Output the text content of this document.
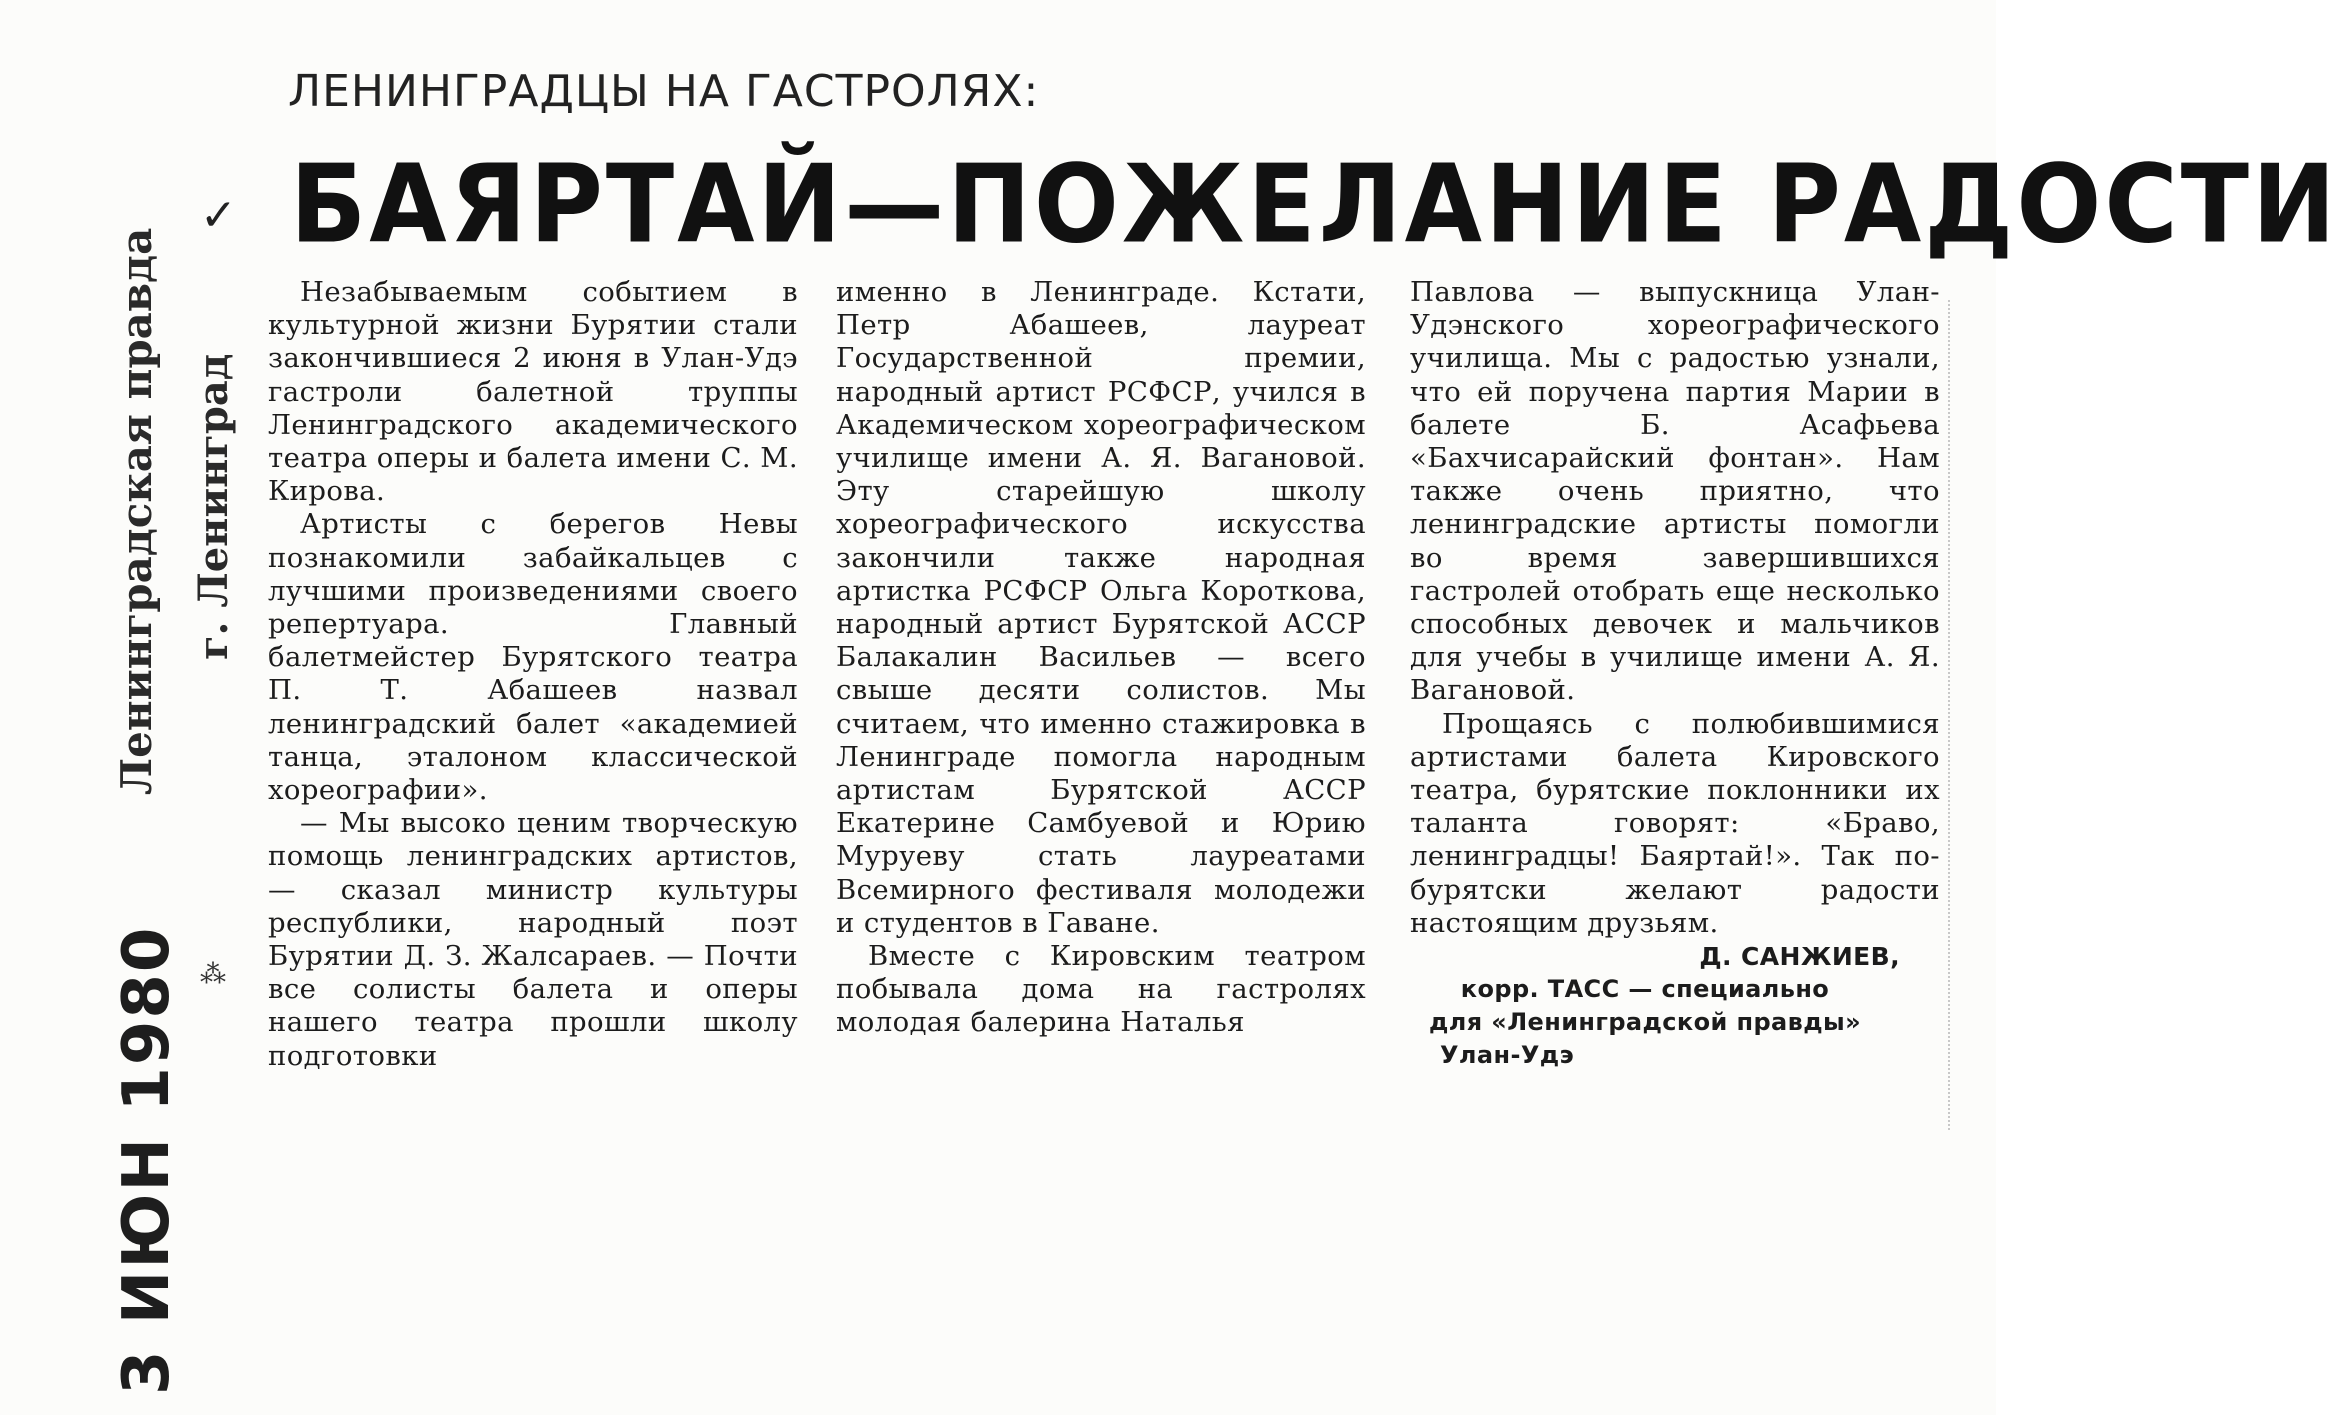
Ленинградская правда г. Ленинград
3 ИЮН 1980
✓
ЛЕНИНГРАДЦЫ НА ГАСТРОЛЯХ:
БАЯРТАЙ—ПОЖЕЛАНИЕ РАДОСТИ

Незабываемым событием в культурной жизни Бурятии стали закончившиеся 2 июня в Улан-Удэ гастроли балетной труппы Ленинградского академического театра оперы и балета имени С. М. Кирова.

Артисты с берегов Невы познакомили забайкальцев с лучшими произведениями своего репертуара. Главный балетмейстер Бурятского театра П. Т. Абашеев назвал ленинградский балет «академией танца, эталоном классической хореографии».

— Мы высоко ценим творческую помощь ленинградских артистов, — сказал министр культуры республики, народный поэт Бурятии Д. З. Жалсараев. — Почти все солисты балета и оперы нашего театра прошли школу подготовки

именно в Ленинграде. Кстати, Петр Абашеев, лауреат Государственной премии, народный артист РСФСР, учился в Академическом хореографическом училище имени А. Я. Вагановой. Эту старейшую школу хореографического искусства закончили также народная артистка РСФСР Ольга Короткова, народный артист Бурятской АССР Балакалин Васильев — всего свыше десяти солистов. Мы считаем, что именно стажировка в Ленинграде помогла народным артистам Бурятской АССР Екатерине Самбуевой и Юрию Муруеву стать лауреатами Всемирного фестиваля молодежи и студентов в Гаване.

Вместе с Кировским театром побывала дома на гастролях молодая балерина Наталья

Павлова — выпускница Улан-Удэнского хореографического училища. Мы с радостью узнали, что ей поручена партия Марии в балете Б. Асафьева «Бахчисарайский фонтан». Нам также очень приятно, что ленинградские артисты помогли во время завершившихся гастролей отобрать еще несколько способных девочек и мальчиков для учебы в училище имени А. Я. Вагановой.

Прощаясь с полюбившимися артистами балета Кировского театра, бурятские поклонники их таланта говорят: «Браво, ленинградцы! Баяртай!». Так по-бурятски желают радости настоящим друзьям.

Д. САНЖИЕВ,
корр. ТАСС — специально
для «Ленинградской правды»
Улан-Удэ
⁂
